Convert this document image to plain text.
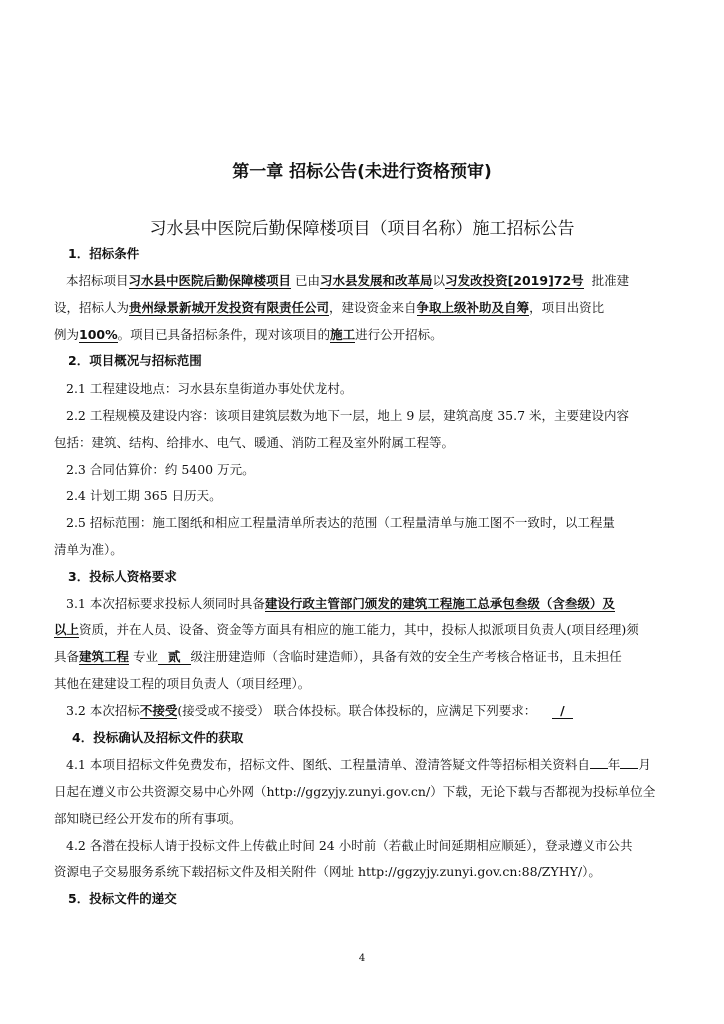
第一章 招标公告(未进行资格预审)
习水县中医院后勤保障楼项目（项目名称）施工招标公告
1．招标条件
本招标项目习水县中医院后勤保障楼项目 已由习水县发展和改革局以习发改投资[2019]72号 批准建
设，招标人为贵州绿景新城开发投资有限责任公司，建设资金来自争取上级补助及自筹，项目出资比
例为100%。项目已具备招标条件，现对该项目的施工进行公开招标。
2．项目概况与招标范围
2.1 工程建设地点：习水县东皇街道办事处伏龙村。
2.2 工程规模及建设内容：该项目建筑层数为地下一层，地上 9 层，建筑高度 35.7 米，主要建设内容
包括：建筑、结构、给排水、电气、暖通、消防工程及室外附属工程等。
2.3 合同估算价：约 5400 万元。
2.4 计划工期 365 日历天。
2.5 招标范围：施工图纸和相应工程量清单所表达的范围（工程量清单与施工图不一致时，以工程量
清单为准）。
3．投标人资格要求
3.1 本次招标要求投标人须同时具备建设行政主管部门颁发的建筑工程施工总承包叁级（含叁级）及
以上资质，并在人员、设备、资金等方面具有相应的施工能力，其中，投标人拟派项目负责人(项目经理)须
具备建筑工程 专业 贰 级注册建造师（含临时建造师），具备有效的安全生产考核合格证书，且未担任
其他在建建设工程的项目负责人（项目经理）。
3.2 本次招标不接受(接受或不接受） 联合体投标。联合体投标的，应满足下列要求： /
4．投标确认及招标文件的获取
4.1 本项目招标文件免费发布，招标文件、图纸、工程量清单、澄清答疑文件等招标相关资料自 年 月
日起在遵义市公共资源交易中心外网（http://ggzyjy.zunyi.gov.cn/）下载，无论下载与否都视为投标单位全
部知晓已经公开发布的所有事项。
4.2 各潜在投标人请于投标文件上传截止时间 24 小时前（若截止时间延期相应顺延），登录遵义市公共
资源电子交易服务系统下载招标文件及相关附件（网址 http://ggzyjy.zunyi.gov.cn:88/ZYHY/）。
5．投标文件的递交
4
